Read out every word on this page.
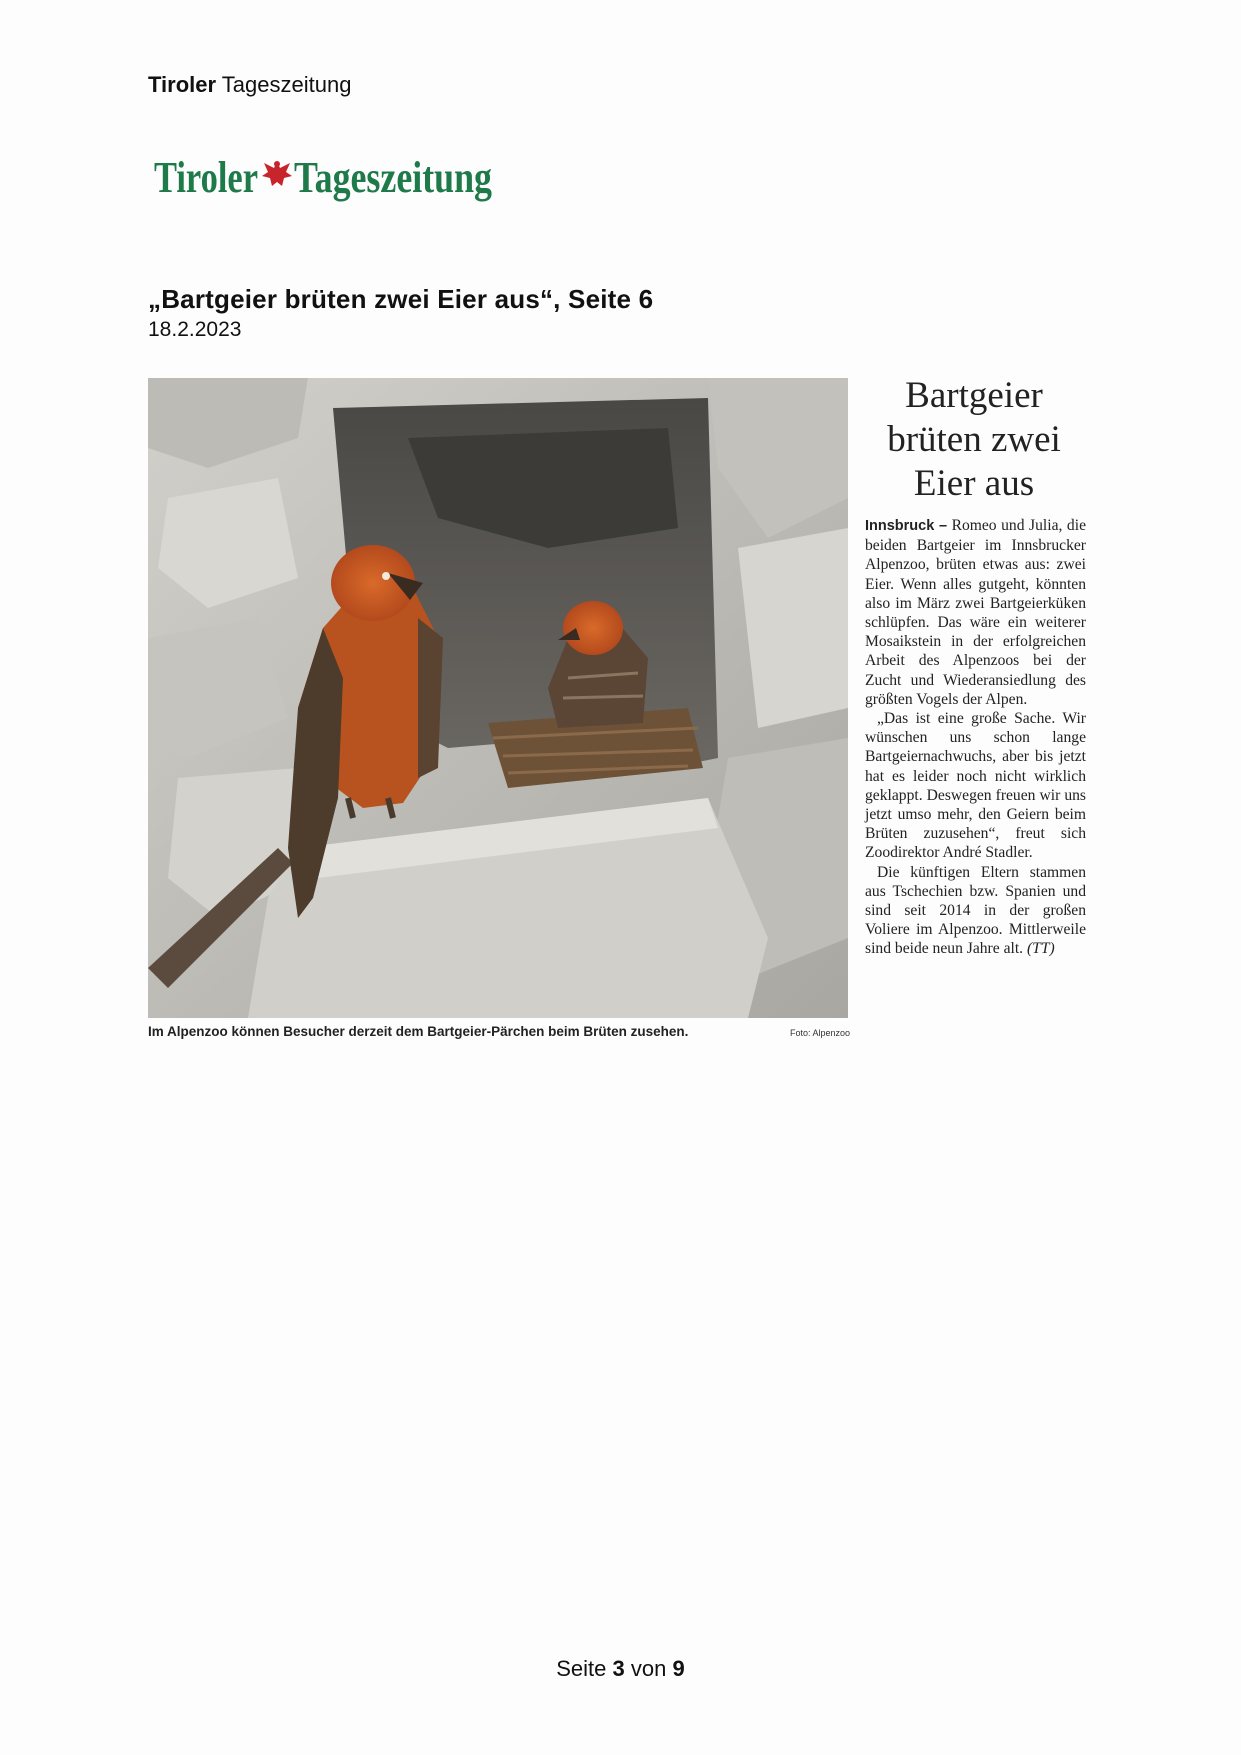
Tiroler Tageszeitung
Tiroler Tageszeitung
„Bartgeier brüten zwei Eier aus“, Seite 6
18.2.2023
Im Alpenzoo können Besucher derzeit dem Bartgeier-Pärchen beim Brüten zusehen.	Foto: Alpenzoo
Bartgeier
brüten zwei
Eier aus

Innsbruck – Romeo und Julia, die beiden Bartgeier im Innsbrucker Alpenzoo, brüten etwas aus: zwei Eier. Wenn alles gutgeht, könnten also im März zwei Bartgeierküken schlüpfen. Das wäre ein weiterer Mosaikstein in der erfolgreichen Arbeit des Alpenzoos bei der Zucht und Wiederansiedlung des größten Vogels der Alpen.

„Das ist eine große Sache. Wir wünschen uns schon lange Bartgeiernachwuchs, aber bis jetzt hat es leider noch nicht wirklich geklappt. Deswegen freuen wir uns jetzt umso mehr, den Geiern beim Brüten zuzusehen“, freut sich Zoodirektor André Stadler.

Die künftigen Eltern stammen aus Tschechien bzw. Spanien und sind seit 2014 in der großen Voliere im Alpenzoo. Mittlerweile sind beide neun Jahre alt. (TT)

Seite 3 von 9
